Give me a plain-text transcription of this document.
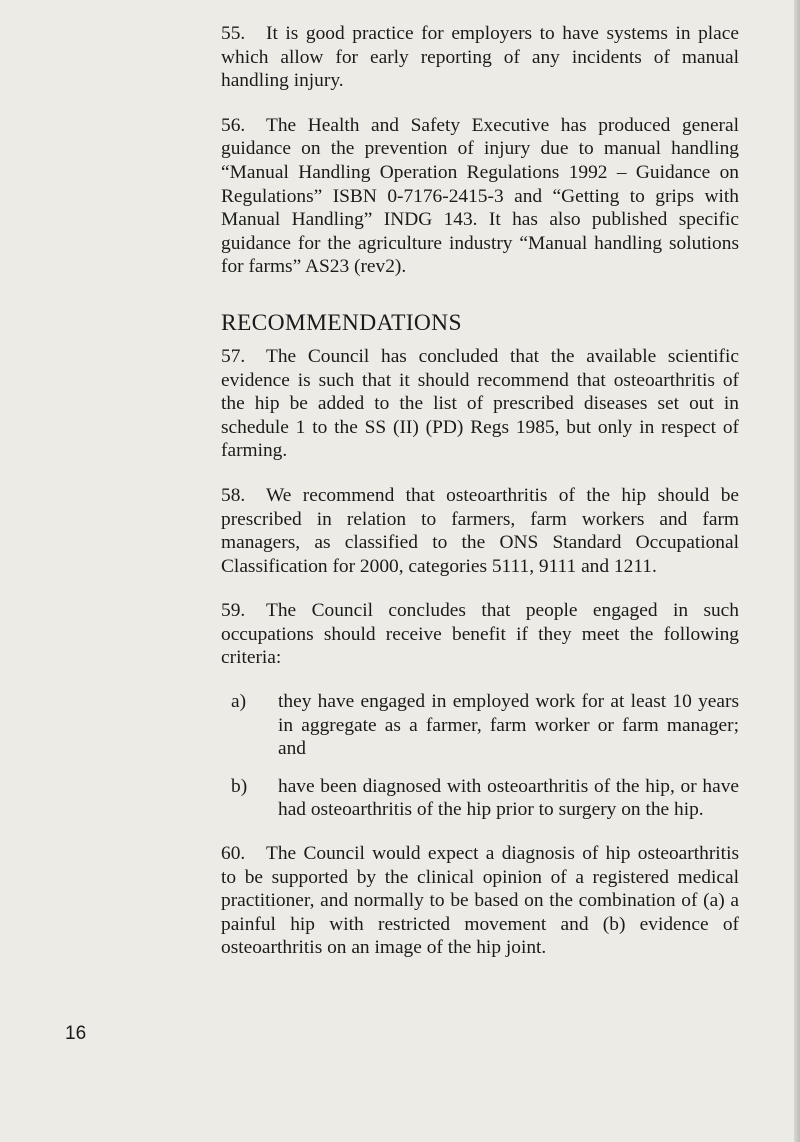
55. It is good practice for employers to have systems in place which allow for early reporting of any incidents of manual handling injury.

56. The Health and Safety Executive has produced general guidance on the prevention of injury due to manual handling “Manual Handling Operation Regulations 1992 – Guidance on Regulations” ISBN 0-7176-2415-3 and “Getting to grips with Manual Handling” INDG 143. It has also published specific guidance for the agriculture industry “Manual handling solutions for farms” AS23 (rev2).

RECOMMENDATIONS

57. The Council has concluded that the available scientific evidence is such that it should recommend that osteoarthritis of the hip be added to the list of prescribed diseases set out in schedule 1 to the SS (II) (PD) Regs 1985, but only in respect of farming.

58. We recommend that osteoarthritis of the hip should be prescribed in relation to farmers, farm workers and farm managers, as classified to the ONS Standard Occupational Classification for 2000, categories 5111, 9111 and 1211.

59. The Council concludes that people engaged in such occupations should receive benefit if they meet the following criteria:

a)	they have engaged in employed work for at least 10 years in aggregate as a farmer, farm worker or farm manager; and
b)	have been diagnosed with osteoarthritis of the hip, or have had osteoarthritis of the hip prior to surgery on the hip.

60. The Council would expect a diagnosis of hip osteoarthritis to be supported by the clinical opinion of a registered medical practitioner, and normally to be based on the combination of (a) a painful hip with restricted movement and (b) evidence of osteoarthritis on an image of the hip joint.

16
